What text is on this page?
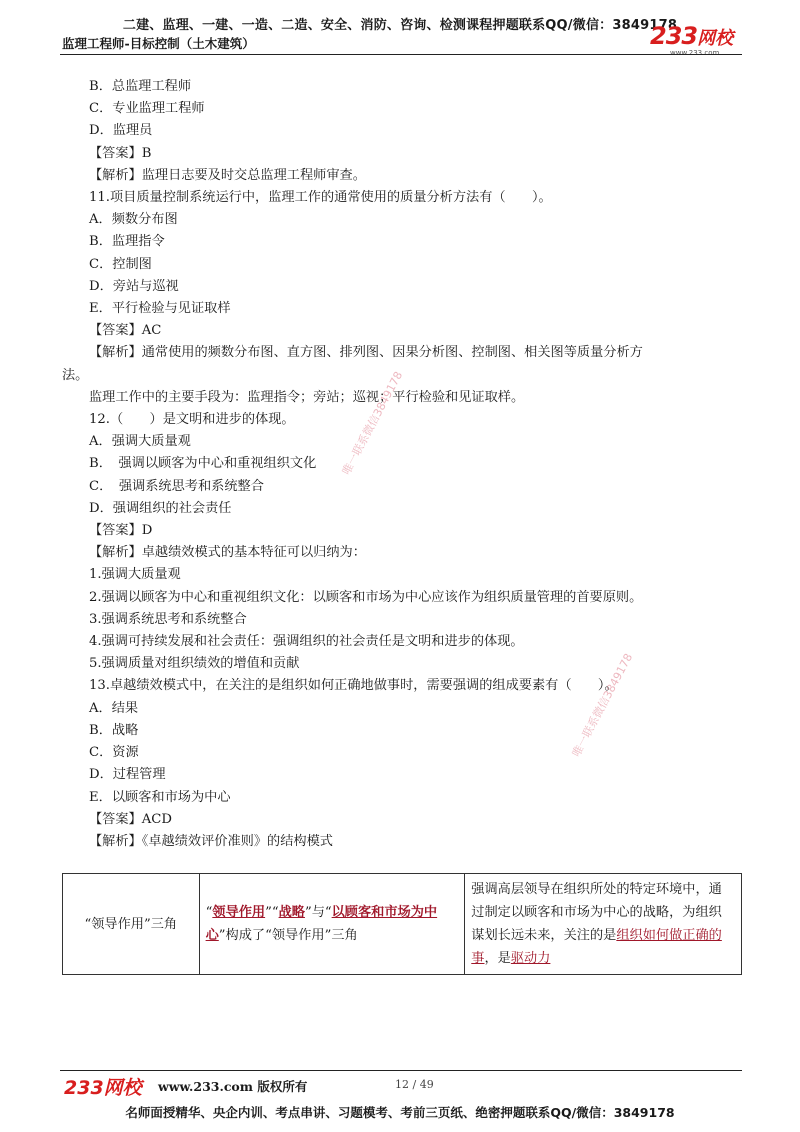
二建、监理、一建、一造、二造、安全、消防、咨询、检测课程押题联系QQ/微信：3849178
监理工程师-目标控制（土木建筑）	233网校
www.233.com
唯一联系微信3849178
唯一联系微信3849178
B．总监理工程师
C．专业监理工程师
D．监理员
【答案】B
【解析】监理日志要及时交总监理工程师审查。
11.项目质量控制系统运行中，监理工作的通常使用的质量分析方法有（　　）。
A．频数分布图
B．监理指令
C．控制图
D．旁站与巡视
E．平行检验与见证取样
【答案】AC
【解析】通常使用的频数分布图、直方图、排列图、因果分析图、控制图、相关图等质量分析方
法。
监理工作中的主要手段为：监理指令；旁站；巡视；平行检验和见证取样。
12.（　　）是文明和进步的体现。
A．强调大质量观
B．　强调以顾客为中心和重视组织文化
C．　强调系统思考和系统整合
D．强调组织的社会责任
【答案】D
【解析】卓越绩效模式的基本特征可以归纳为：
1.强调大质量观
2.强调以顾客为中心和重视组织文化：以顾客和市场为中心应该作为组织质量管理的首要原则。
3.强调系统思考和系统整合
4.强调可持续发展和社会责任：强调组织的社会责任是文明和进步的体现。
5.强调质量对组织绩效的增值和贡献
13.卓越绩效模式中，在关注的是组织如何正确地做事时，需要强调的组成要素有（　　）。
A．结果
B．战略
C．资源
D．过程管理
E．以顾客和市场为中心
【答案】ACD
【解析】《卓越绩效评价准则》的结构模式
“领导作用”三角	“领导作用”“战略”与“以顾客和市场为中心”构成了“领导作用”三角	强调高层领导在组织所处的特定环境中，通过制定以顾客和市场为中心的战略，为组织谋划长远未来，关注的是组织如何做正确的事，是驱动力
233网校 www.233.com 版权所有	12 / 49
名师面授精华、央企内训、考点串讲、习题模考、考前三页纸、绝密押题联系QQ/微信：3849178
